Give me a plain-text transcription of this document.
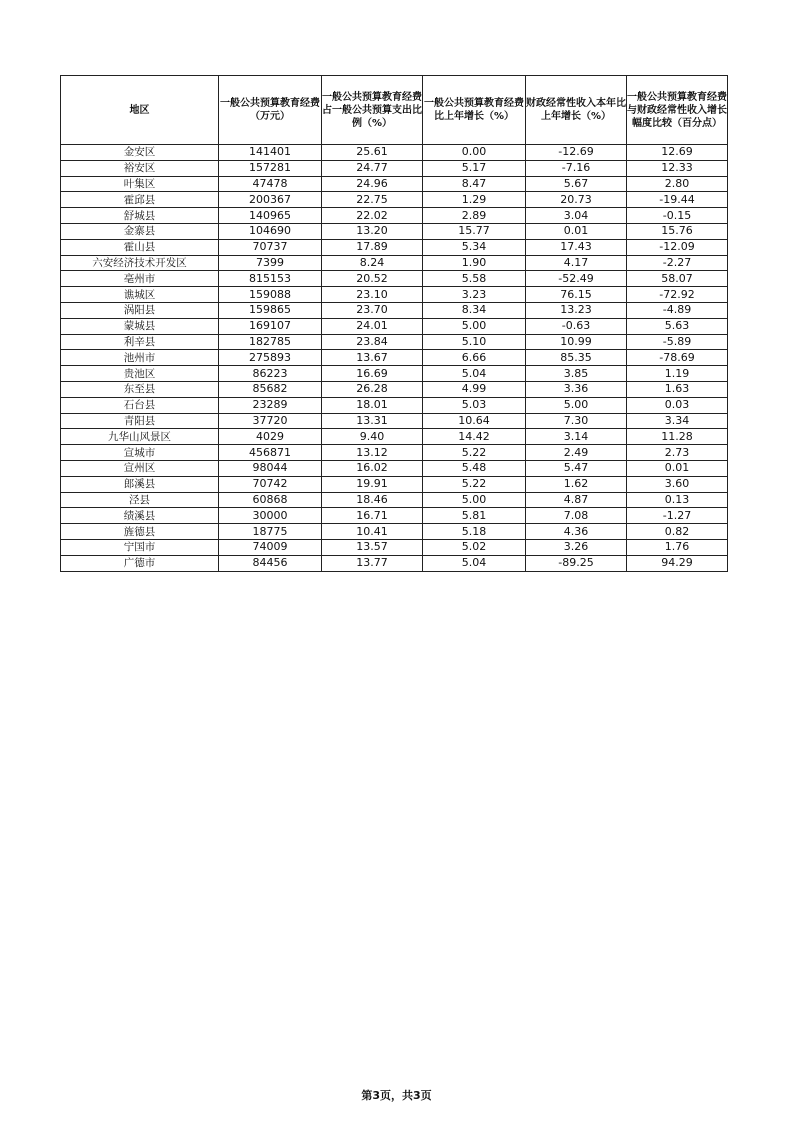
地区	一般公共预算教育经费（万元）	一般公共预算教育经费占一般公共预算支出比例（%）	一般公共预算教育经费比上年增长（%）	财政经常性收入本年比上年增长（%）	一般公共预算教育经费与财政经常性收入增长幅度比较（百分点）
金安区	141401	25.61	0.00	-12.69	12.69
裕安区	157281	24.77	5.17	-7.16	12.33
叶集区	47478	24.96	8.47	5.67	2.80
霍邱县	200367	22.75	1.29	20.73	-19.44
舒城县	140965	22.02	2.89	3.04	-0.15
金寨县	104690	13.20	15.77	0.01	15.76
霍山县	70737	17.89	5.34	17.43	-12.09
六安经济技术开发区	7399	8.24	1.90	4.17	-2.27
亳州市	815153	20.52	5.58	-52.49	58.07
谯城区	159088	23.10	3.23	76.15	-72.92
涡阳县	159865	23.70	8.34	13.23	-4.89
蒙城县	169107	24.01	5.00	-0.63	5.63
利辛县	182785	23.84	5.10	10.99	-5.89
池州市	275893	13.67	6.66	85.35	-78.69
贵池区	86223	16.69	5.04	3.85	1.19
东至县	85682	26.28	4.99	3.36	1.63
石台县	23289	18.01	5.03	5.00	0.03
青阳县	37720	13.31	10.64	7.30	3.34
九华山风景区	4029	9.40	14.42	3.14	11.28
宣城市	456871	13.12	5.22	2.49	2.73
宣州区	98044	16.02	5.48	5.47	0.01
郎溪县	70742	19.91	5.22	1.62	3.60
泾县	60868	18.46	5.00	4.87	0.13
绩溪县	30000	16.71	5.81	7.08	-1.27
旌德县	18775	10.41	5.18	4.36	0.82
宁国市	74009	13.57	5.02	3.26	1.76
广德市	84456	13.77	5.04	-89.25	94.29
第3页，共3页
